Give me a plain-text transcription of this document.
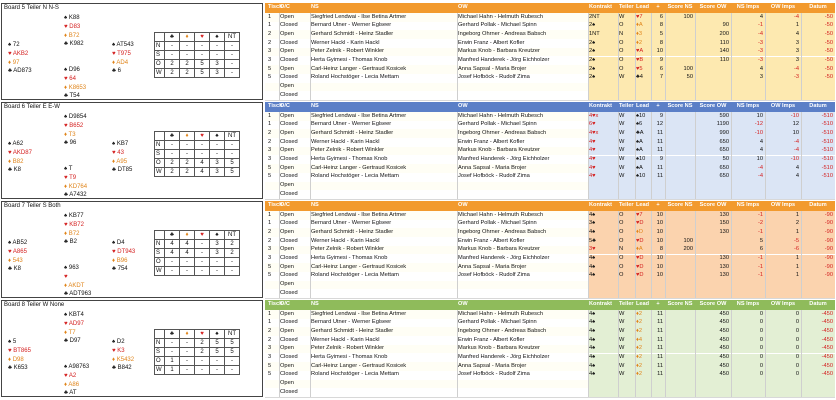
Board 5 Teiler N N-S
♠ K88
♥ D83
♦ B72
♣ K982
♠ 72
♥ AKB2
♦ 97
♣ AD873
♠ AT543
♥ T975
♦ AD4
♣ 6
♠ D96
♥ 64
♦ K8653
♣ T54
	♣	♦	♥	♠	NT
N	-	-	-	-	-
S	-	-	-	-	-
O	2	2	5	3	-
W	2	2	5	3	-
Tisch
O/C	NS	OW	Kontrakt Teiler Lead	+	Score NS	Score OW	NS Imps	OW Imps	Datum
1 Open	Siegfried Lendwai - Ilse Betina Artmer	Michael Hahn - Helmuth Rubesch	2NT	W ♥7	6	100	4	-4	-50
1 Closed Bernard Utner - Werner Eglseer	Gerhard Pollak - Michael Spinn	2♠	O ♦A	8	90	-1	1	-50
2 Open	Gerhard Schmidt - Heinz Stadler	Ingeborg Ohrner - Andreas Babsch	1NT	N ♦3	5	200	-4	4	-50
2 Closed Werner Hackl - Karin Hackl	Erwin Franz - Albert Kofler	2♠	O ♦2	8	110	-3	3	-50
3 Open	Peter Zelnik - Robert Winkler	Markus Knob - Barbara Kreutzer	2♠	O ♥A	10	140	-3	3	-50
3 Closed Herta Gyimesi - Thomas Knob	Manfred Handerek - Jörg Eichholzer	2♠	O ♥B	9	110	-3	3	-50
5 Open	Carl-Heinz Langer - Gertraud Kosicek	Anna Sapsal - Maria Brojer	2♠	O ♥5	6	100	4	-4	-50
5 Closed Roland Hochstöger - Lecia Mettam	Josef Hofböck - Rudolf Zima	2♠	W ♣4	7	50	3	-3	-50
Open
Closed
Board 6 Teiler E E-W
♠ D9854
♥ B652
♦ T3
♣ 96
♠ A62
♥ AKD87
♦ B82
♣ K8
♠ KB7
♥ 43
♦ A95
♣ DT85
♠ T
♥ T9
♦ KD764
♣ A7432
	♣	♦	♥	♠	NT
N	-	-	-	-	-
S	-	-	-	-	-
O	2	2	4	3	5
W	2	2	4	3	5
Tisch
O/C	NS	OW	Kontrakt Teiler Lead	+	Score NS	Score OW	NS Imps	OW Imps	Datum
1 Open	Siegfried Lendwai - Ilse Betina Artmer	Michael Hahn - Helmuth Rubesch	4♥x	W ♠10	9	590	10	-10	-510
1 Closed Bernard Utner - Werner Eglseer	Gerhard Pollak - Michael Spinn	6♥	W ♠6	12	1190	-12	12	-510
2 Open	Gerhard Schmidt - Heinz Stadler	Ingeborg Ohrner - Andreas Babsch	4♥x	W ♣A	11	990	-10	10	-510
2 Closed Werner Hackl - Karin Hackl	Erwin Franz - Albert Kofler	4♥	W ♠A	11	650	4	-4	-510
3 Open	Peter Zelnik - Robert Winkler	Markus Knob - Barbara Kreutzer	4♥	W ♠A	11	650	4	-4	-510
3 Closed Herta Gyimesi - Thomas Knob	Manfred Handerek - Jörg Eichholzer	4♥	W ♠10	9	50	10	-10	-510
5 Open	Carl-Heinz Langer - Gertraud Kosicek	Anna Sapsal - Maria Brojer	4♥	W ♠A	11	650	-4	4	-510
5 Closed Roland Hochstöger - Lecia Mettam	Josef Hofböck - Rudolf Zima	4♥	W ♠10	11	650	-4	4	-510
Open
Closed
Board 7 Teiler S Both
♠ KB77
♥ KB72
♦ B72
♣ B2
♠ AB52
♥ A865
♦ 543
♣ K8
♠ D4
♥ DT943
♦ B96
♣ 754
♠ 963
♥
♦ AKDT
♣ ADT963
	♣	♦	♥	♠	NT
N	4	4	-	3	2
S	4	4	-	3	2
O	-	-	-	-	-
W	-	-	-	-	-
Tisch
O/C	NS	OW	Kontrakt Teiler Lead	+	Score NS	Score OW	NS Imps	OW Imps	Datum
1 Open	Siegfried Lendwai - Ilse Betina Artmer	Michael Hahn - Helmuth Rubesch	4♠	O ♥7	10	130	-1	1	-90
1 Closed Bernard Utner - Werner Eglseer	Gerhard Pollak - Michael Spinn	3♠	O ♥D	10	150	-2	2	-90
2 Open	Gerhard Schmidt - Heinz Stadler	Ingeborg Ohrner - Andreas Babsch	4♠	O ♦D	10	130	-1	1	-90
2 Closed Werner Hackl - Karin Hackl	Erwin Franz - Albert Kofler	5♣	O ♥D	10	100	5	-5	-90
3 Open	Peter Zelnik - Robert Winkler	Markus Knob - Barbara Kreutzer	3♥	N ♦A	8	200	6	-6	-90
3 Closed Herta Gyimesi - Thomas Knob	Manfred Handerek - Jörg Eichholzer	4♠	O ♥D	10	130	-1	1	-90
5 Open	Carl-Heinz Langer - Gertraud Kosicek	Anna Sapsal - Maria Brojer	4♠	O ♥D	10	130	-1	1	-90
5 Closed Roland Hochstöger - Lecia Mettam	Josef Hofböck - Rudolf Zima	4♠	O ♥D	10	130	-1	1	-90
Open
Closed
Board 8 Teiler W None
♠ KBT4
♥ AD97
♦ T7
♣ D97
♠ 5
♥ BT865
♦ D98
♣ K653
♠ D2
♥ K3
♦ K5432
♣ B842
♠ A98763
♥ A2
♦ A86
♣ AT
	♣	♦	♥	♠	NT
N	-	-	2	5	5
S	-	-	2	5	5
O	1	-	-	-	-
W	1	-	-	-	-
Tisch
O/C	NS	OW	Kontrakt Teiler Lead	+	Score NS	Score OW	NS Imps	OW Imps	Datum
1 Open	Siegfried Lendwai - Ilse Betina Artmer	Michael Hahn - Helmuth Rubesch	4♠	W ♦2	11	450	0	0	-450
1 Closed Bernard Utner - Werner Eglseer	Gerhard Pollak - Michael Spinn	4♠	W ♦2	11	450	0	0	-450
2 Open	Gerhard Schmidt - Heinz Stadler	Ingeborg Ohrner - Andreas Babsch	4♠	W ♦2	11	450	0	0	-450
2 Closed Werner Hackl - Karin Hackl	Erwin Franz - Albert Kofler	4♠	W ♦4	11	450	0	0	-450
3 Open	Peter Zelnik - Robert Winkler	Markus Knob - Barbara Kreutzer	4♠	W ♦2	11	450	0	0	-450
3 Closed Herta Gyimesi - Thomas Knob	Manfred Handerek - Jörg Eichholzer	4♠	W ♦2	11	450	0	0	-450
5 Open	Carl-Heinz Langer - Gertraud Kosicek	Anna Sapsal - Maria Brojer	4♠	W ♦2	11	450	0	0	-450
5 Closed Roland Hochstöger - Lecia Mettam	Josef Hofböck - Rudolf Zima	4♠	W ♦2	11	450	0	0	-450
Open
Closed
